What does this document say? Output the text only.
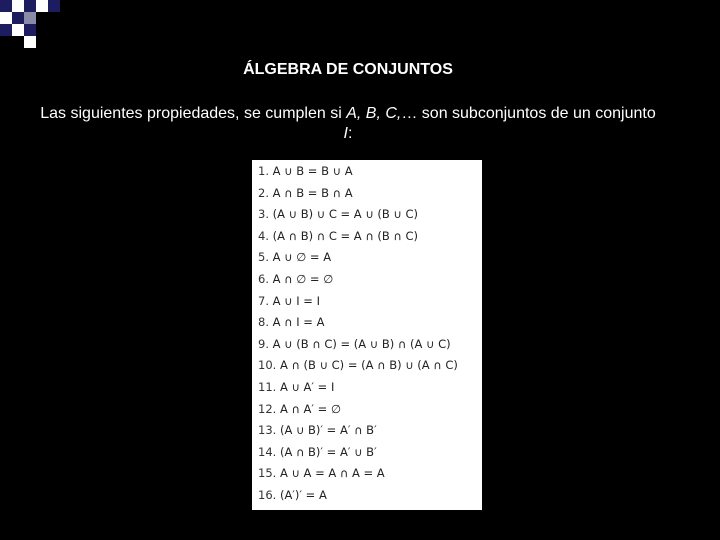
ÁLGEBRA DE CONJUNTOS
Las siguientes propiedades, se cumplen si A, B, C,… son subconjuntos de un conjunto I:
1. A ∪ B = B ∪ A
2. A ∩ B = B ∩ A
3. (A ∪ B) ∪ C = A ∪ (B ∪ C)
4. (A ∩ B) ∩ C = A ∩ (B ∩ C)
5. A ∪ ∅ = A
6. A ∩ ∅ = ∅
7. A ∪ I = I
8. A ∩ I = A
9. A ∪ (B ∩ C) = (A ∪ B) ∩ (A ∪ C)
10. A ∩ (B ∪ C) = (A ∩ B) ∪ (A ∩ C)
11. A ∪ A′ = I
12. A ∩ A′ = ∅
13. (A ∪ B)′ = A′ ∩ B′
14. (A ∩ B)′ = A′ ∪ B′
15. A ∪ A = A ∩ A = A
16. (A′)′ = A
